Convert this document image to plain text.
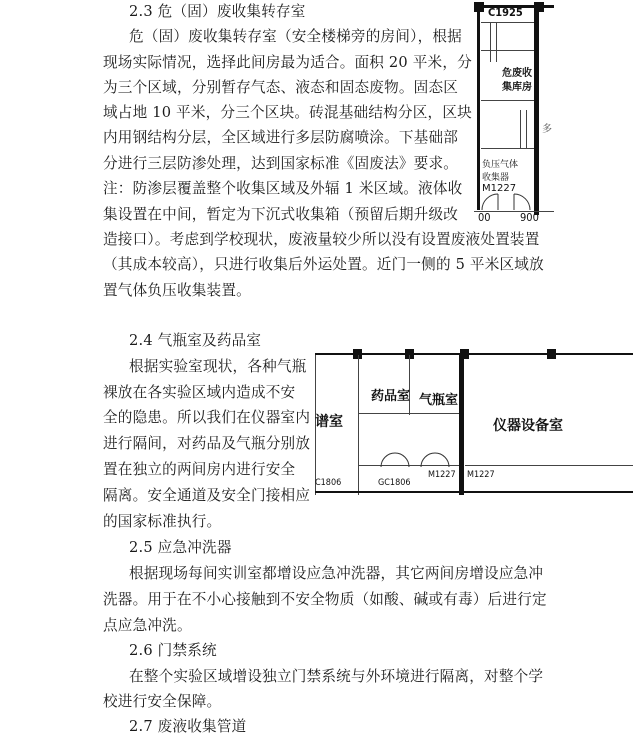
2.3 危（固）废收集转存室
危（固）废收集转存室（安全楼梯旁的房间），根据
现场实际情况，选择此间房最为适合。面积 20 平米，分
为三个区域，分别暂存气态、液态和固态废物。固态区
域占地 10 平米，分三个区块。砖混基础结构分区，区块
内用钢结构分层，全区域进行多层防腐喷涂。下基础部
分进行三层防渗处理，达到国家标准《固废法》要求。
注：防渗层覆盖整个收集区域及外辐 1 米区域。液体收
集设置在中间，暂定为下沉式收集箱（预留后期升级改
造接口）。考虑到学校现状，废液量较少所以没有设置废液处置装置
（其成本较高），只进行收集后外运处置。近门一侧的 5 平米区域放
置气体负压收集装置。
C1925
危废收
集库房
负压气体
收集器
M1227
00	900
多
2.4 气瓶室及药品室
根据实验室现状，各种气瓶
裸放在各实验区域内造成不安
全的隐患。所以我们在仪器室内
进行隔间，对药品及气瓶分别放
置在独立的两间房内进行安全
隔离。安全通道及安全门接相应
的国家标准执行。
谱室
药品室 气瓶室
仪器设备室
C1806	GC1806
M1227 M1227
2.5 应急冲洗器
根据现场每间实训室都增设应急冲洗器，其它两间房增设应急冲
洗器。用于在不小心接触到不安全物质（如酸、碱或有毒）后进行定
点应急冲洗。
2.6 门禁系统
在整个实验区域增设独立门禁系统与外环境进行隔离，对整个学
校进行安全保障。
2.7 废液收集管道
